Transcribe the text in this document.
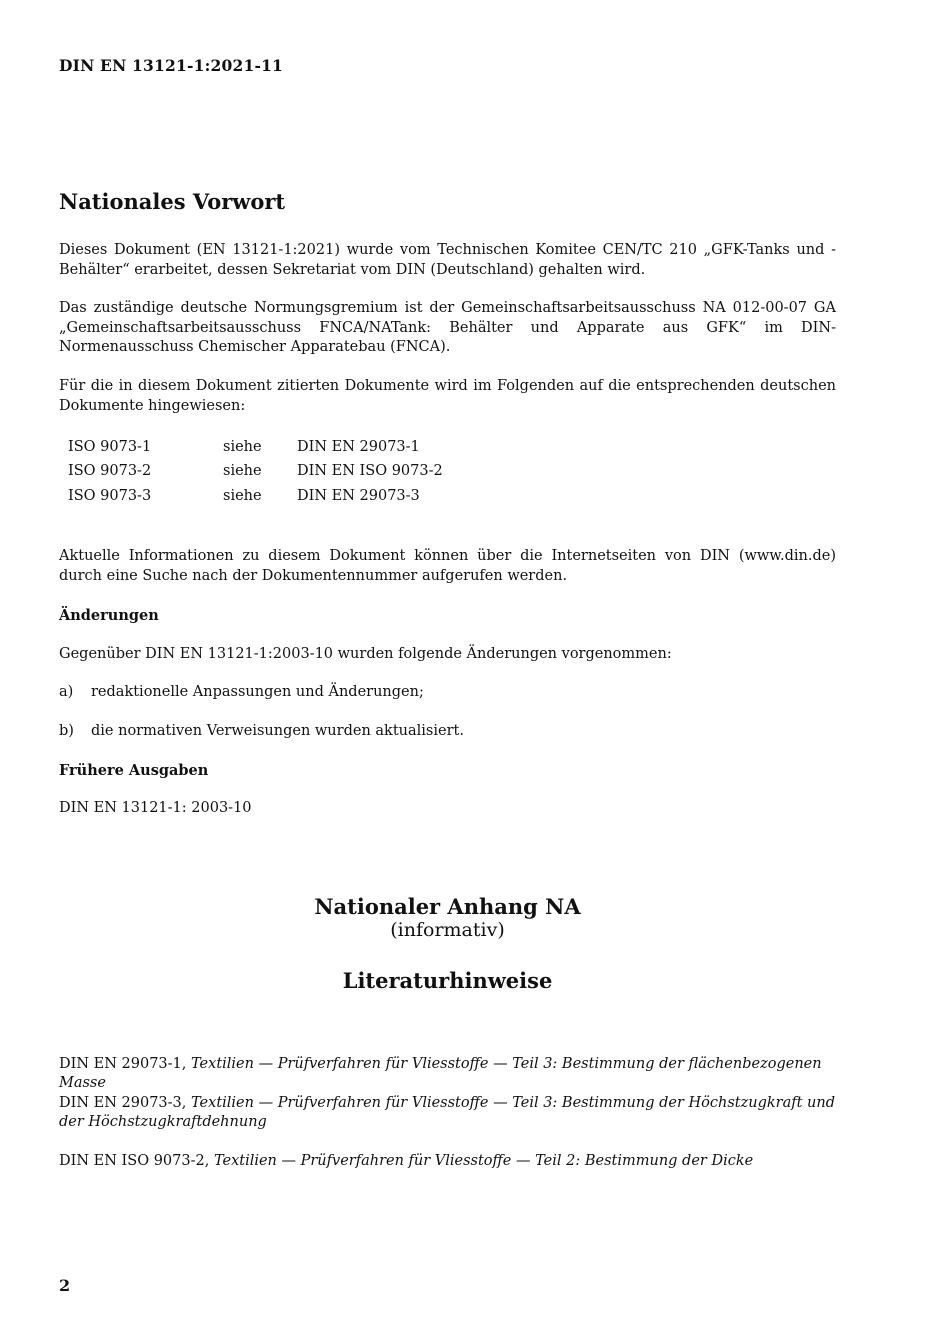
DIN EN 13121-1:2021-11
Nationales Vorwort
Dieses Dokument (EN 13121-1:2021) wurde vom Technischen Komitee CEN/TC 210 „GFK-Tanks und -Behälter“ erarbeitet, dessen Sekretariat vom DIN (Deutschland) gehalten wird.
Das zuständige deutsche Normungsgremium ist der Gemeinschaftsarbeitsausschuss NA 012-00-07 GA „Gemeinschaftsarbeitsausschuss FNCA/NATank: Behälter und Apparate aus GFK“ im DIN-Normenausschuss Chemischer Apparatebau (FNCA).
Für die in diesem Dokument zitierten Dokumente wird im Folgenden auf die entsprechenden deutschen Dokumente hingewiesen:
ISO 9073-1	siehe DIN EN 29073-1
ISO 9073-2	siehe DIN EN ISO 9073-2
ISO 9073-3	siehe DIN EN 29073-3
Aktuelle Informationen zu diesem Dokument können über die Internetseiten von DIN (www.din.de) durch eine Suche nach der Dokumentennummer aufgerufen werden.
Änderungen
Gegenüber DIN EN 13121-1:2003-10 wurden folgende Änderungen vorgenommen:
a) redaktionelle Anpassungen und Änderungen;
b) die normativen Verweisungen wurden aktualisiert.
Frühere Ausgaben
DIN EN 13121-1: 2003-10
Nationaler Anhang NA
(informativ)
Literaturhinweise
DIN EN 29073-1, Textilien — Prüfverfahren für Vliesstoffe — Teil 3: Bestimmung der flächenbezogenen Masse
DIN EN 29073-3, Textilien — Prüfverfahren für Vliesstoffe — Teil 3: Bestimmung der Höchstzugkraft und der Höchstzugkraftdehnung
DIN EN ISO 9073-2, Textilien — Prüfverfahren für Vliesstoffe — Teil 2: Bestimmung der Dicke
2
